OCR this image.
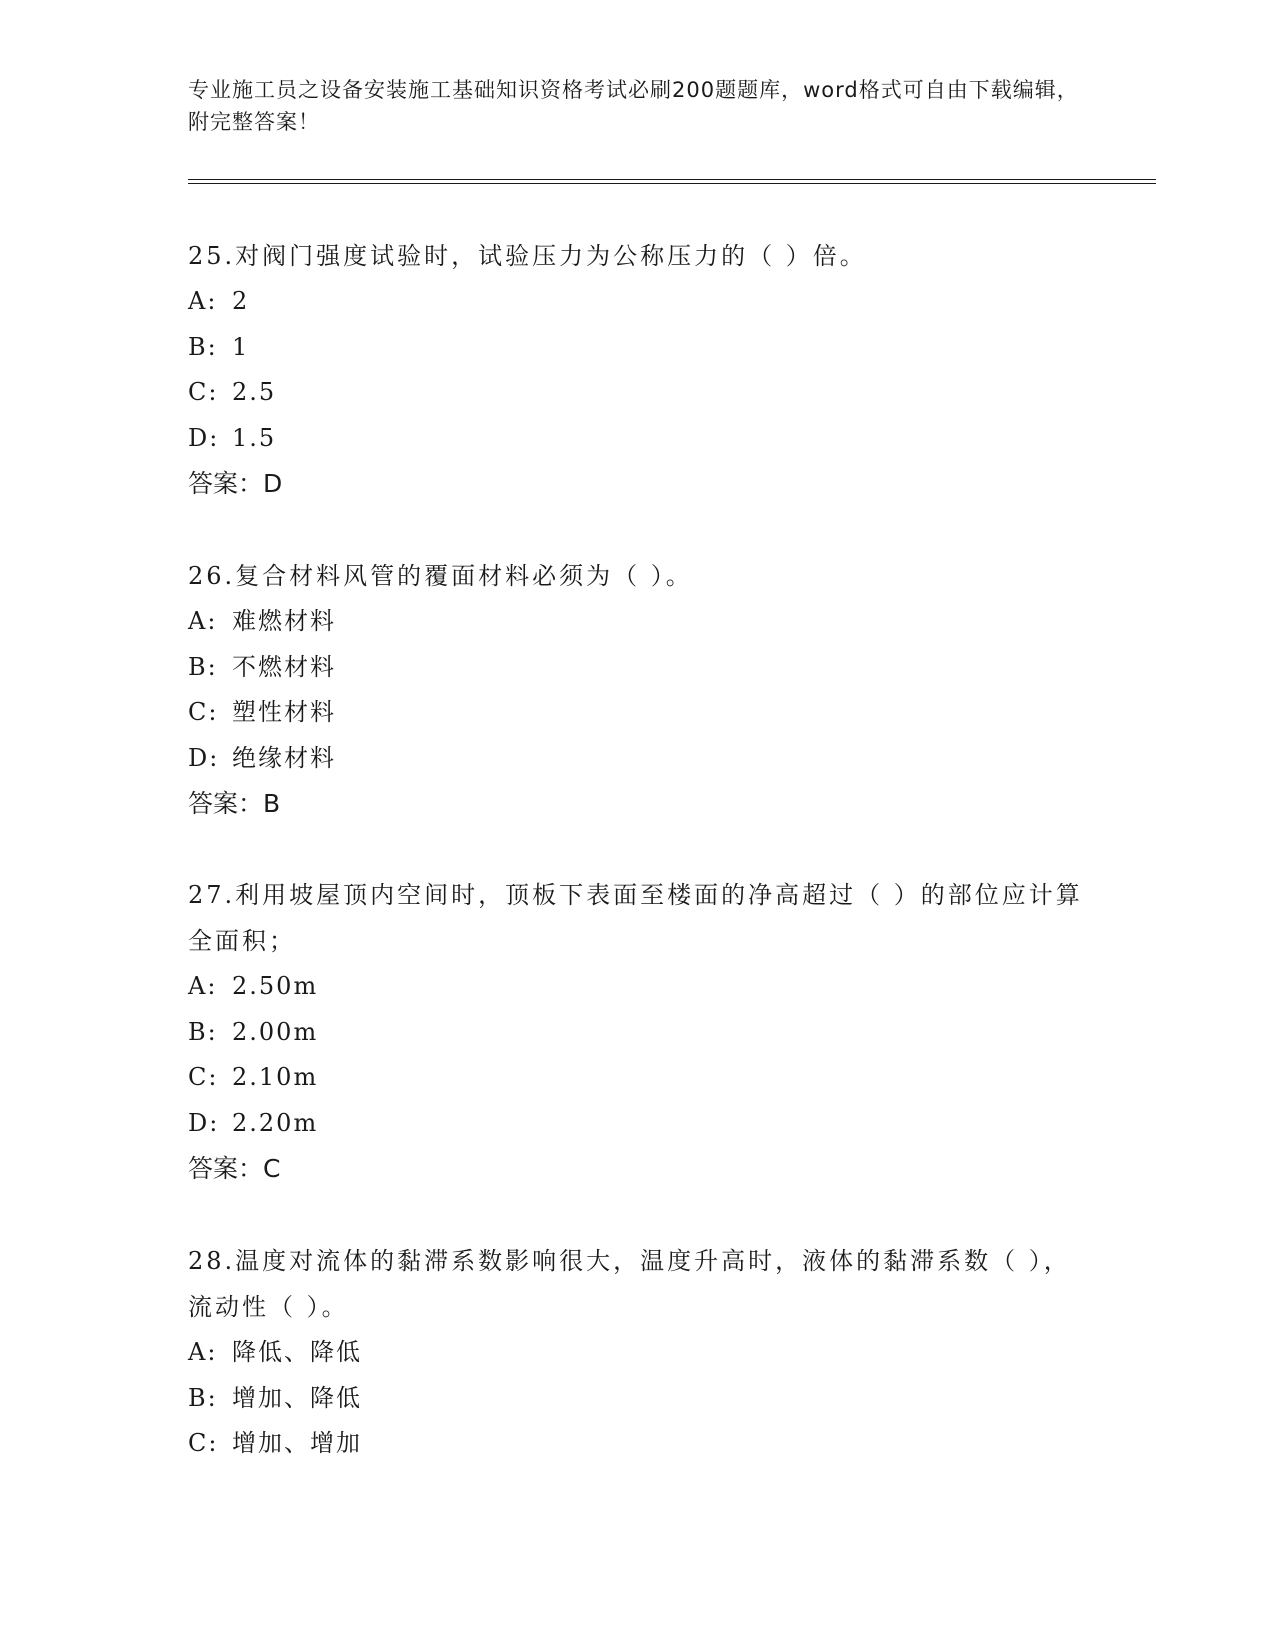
专业施工员之设备安装施工基础知识资格考试必刷200题题库，word格式可自由下载编辑，附完整答案！

25.对阀门强度试验时，试验压力为公称压力的（ ）倍。

A: 2

B: 1

C: 2.5

D: 1.5

答案：D

26.复合材料风管的覆面材料必须为（ ）。

A: 难燃材料

B: 不燃材料

C: 塑性材料

D: 绝缘材料

答案：B

27.利用坡屋顶内空间时，顶板下表面至楼面的净高超过（ ）的部位应计算全面积；

A: 2.50m

B: 2.00m

C: 2.10m

D: 2.20m

答案：C

28.温度对流体的黏滞系数影响很大，温度升高时，液体的黏滞系数（ ），流动性（ ）。

A: 降低、降低

B: 增加、降低

C: 增加、增加
